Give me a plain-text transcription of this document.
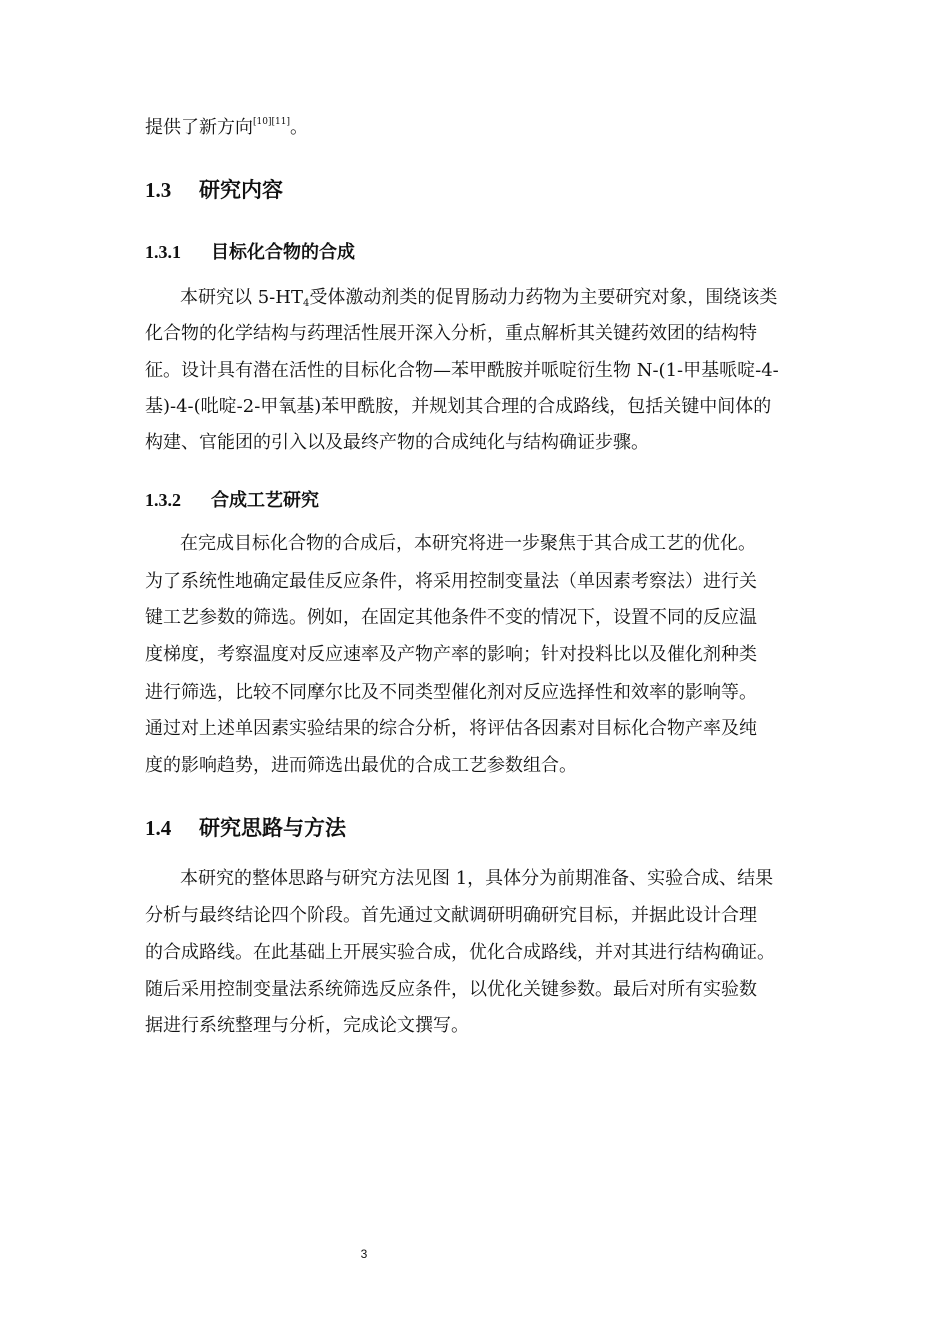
提供了新方向[10][11]。
1.3 研究内容
1.3.1 目标化合物的合成
本研究以 $5-HT_4$受体激动剂类的促胃肠动力药物为主要研究对象，围绕该类
化合物的化学结构与药理活性展开深入分析，重点解析其关键药效团的结构特
征。设计具有潜在活性的目标化合物—苯甲酰胺并哌啶衍生物 N-(1-甲基哌啶-4-
基)-4-(吡啶-2-甲氧基)苯甲酰胺，并规划其合理的合成路线，包括关键中间体的
构建、官能团的引入以及最终产物的合成纯化与结构确证步骤。
1.3.2 合成工艺研究
在完成目标化合物的合成后，本研究将进一步聚焦于其合成工艺的优化。
为了系统性地确定最佳反应条件，将采用控制变量法（单因素考察法）进行关
键工艺参数的筛选。例如，在固定其他条件不变的情况下，设置不同的反应温
度梯度，考察温度对反应速率及产物产率的影响；针对投料比以及催化剂种类
进行筛选，比较不同摩尔比及不同类型催化剂对反应选择性和效率的影响等。
通过对上述单因素实验结果的综合分析，将评估各因素对目标化合物产率及纯
度的影响趋势，进而筛选出最优的合成工艺参数组合。
1.4 研究思路与方法
本研究的整体思路与研究方法见图 1，具体分为前期准备、实验合成、结果
分析与最终结论四个阶段。首先通过文献调研明确研究目标，并据此设计合理
的合成路线。在此基础上开展实验合成，优化合成路线，并对其进行结构确证。
随后采用控制变量法系统筛选反应条件，以优化关键参数。最后对所有实验数
据进行系统整理与分析，完成论文撰写。
3
